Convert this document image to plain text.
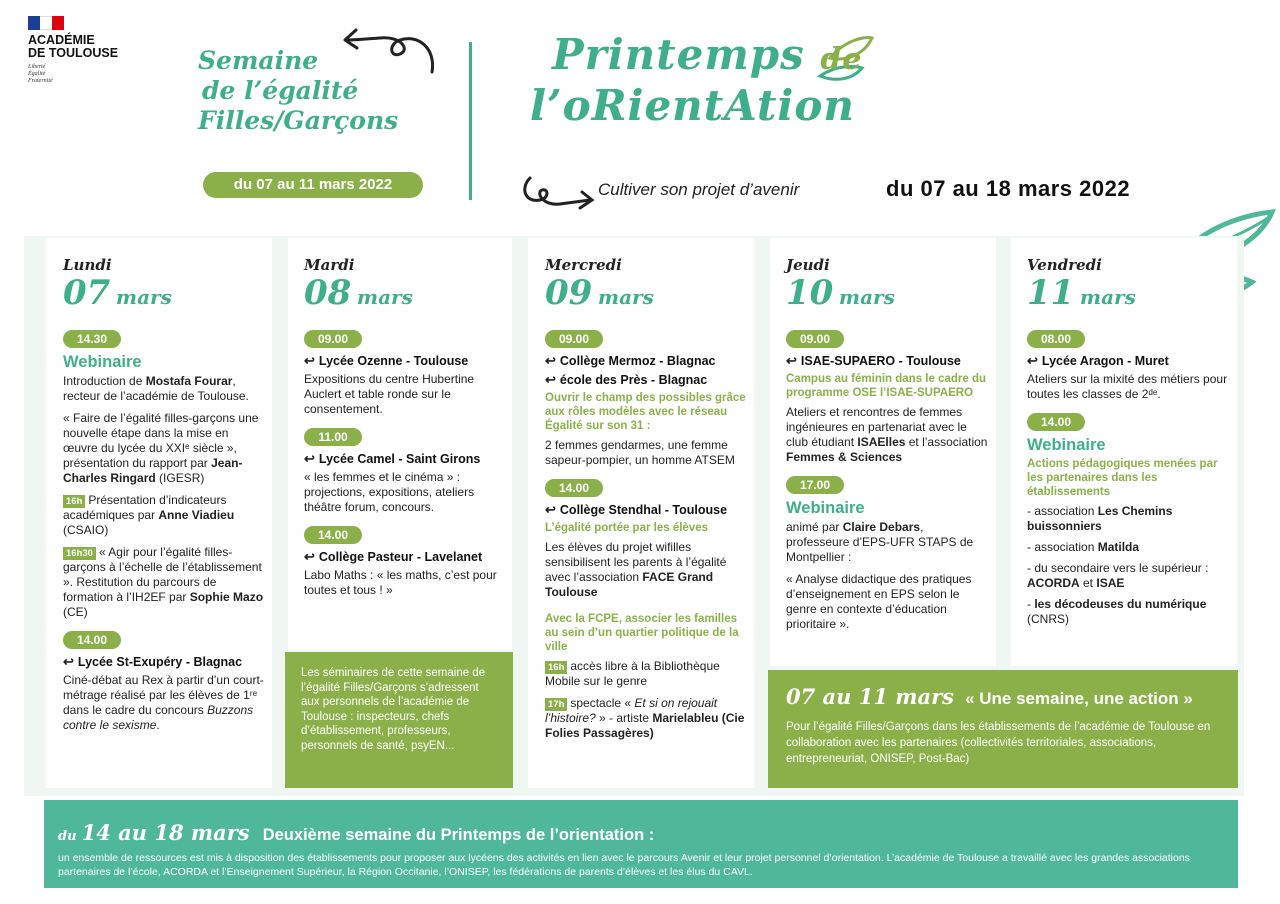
ACADÉMIE
DE TOULOUSE
Liberté
Égalité
Fraternité
Semaine
de l’égalité
Filles/Garçons
du 07 au 11 mars 2022
Printemps de
l’oRientAtion
Cultiver son projet d’avenir	du 07 au 18 mars 2022
Lundi
07 mars
14.30
Webinaire

Introduction de Mostafa Fourar, recteur de l’académie de Toulouse.

« Faire de l’égalité filles-garçons une nouvelle étape dans la mise en œuvre du lycée du XXIᵉ siècle », présentation du rapport par Jean-Charles Ringard (IGESR)

16h Présentation d’indicateurs académiques par Anne Viadieu (CSAIO)

16h30 « Agir pour l’égalité filles-garçons à l’échelle de l’établissement ». Restitution du parcours de formation à l’IH2EF par Sophie Mazo (CE)

14.00
↩ Lycée St-Exupéry - Blagnac

Ciné-débat au Rex à partir d’un court-métrage réalisé par les élèves de 1ʳᵉ dans le cadre du concours Buzzons contre le sexisme.

Mardi
08 mars
09.00
↩ Lycée Ozenne - Toulouse

Expositions du centre Hubertine Auclert et table ronde sur le consentement.

11.00
↩ Lycée Camel - Saint Girons

« les femmes et le cinéma » : projections, expositions, ateliers théâtre forum, concours.

14.00
↩ Collège Pasteur - Lavelanet

Labo Maths : « les maths, c’est pour toutes et tous ! »

Les séminaires de cette semaine de l’égalité Filles/Garçons s’adressent aux personnels de l’académie de Toulouse : inspecteurs, chefs d’établissement, professeurs, personnels de santé, psyEN...

Mercredi
09 mars
09.00
↩ Collège Mermoz - Blagnac
↩ école des Près - Blagnac
Ouvrir le champ des possibles grâce aux rôles modèles avec le réseau Égalité sur son 31 :

2 femmes gendarmes, une femme sapeur-pompier, un homme ATSEM

14.00
↩ Collège Stendhal - Toulouse
L’égalité portée par les élèves

Les élèves du projet wifilles sensibilisent les parents à l’égalité avec l’association FACE Grand Toulouse

Avec la FCPE, associer les familles au sein d’un quartier politique de la ville

16h accès libre à la Bibliothèque Mobile sur le genre

17h spectacle « Et si on rejouait l’histoire? » - artiste Marielableu (Cie Folies Passagères)

Jeudi
10 mars
09.00
↩ ISAE-SUPAERO - Toulouse
Campus au féminin dans le cadre du programme OSE l’ISAE-SUPAERO

Ateliers et rencontres de femmes ingénieures en partenariat avec le club étudiant ISAElles et l’association Femmes & Sciences

17.00
Webinaire

animé par Claire Debars, professeure d’EPS-UFR STAPS de Montpellier :

« Analyse didactique des pratiques d’enseignement en EPS selon le genre en contexte d’éducation prioritaire ».

Vendredi
11 mars
08.00
↩ Lycée Aragon - Muret

Ateliers sur la mixité des métiers pour toutes les classes de 2ᵈᵉ.

14.00
Webinaire
Actions pédagogiques menées par les partenaires dans les établissements
- association Les Chemins buissonniers
- association Matilda
- du secondaire vers le supérieur : ACORDA et ISAE
- les décodeuses du numérique (CNRS)
07 au 11 mars « Une semaine, une action »

Pour l’égalité Filles/Garçons dans les établissements de l’académie de Toulouse en collaboration avec les partenaires (collectivités territoriales, associations, entrepreneuriat, ONISEP, Post-Bac)

du 14 au 18 mars Deuxième semaine du Printemps de l’orientation :

un ensemble de ressources est mis à disposition des établissements pour proposer aux lycéens des activités en lien avec le parcours Avenir et leur projet personnel d’orientation. L’académie de Toulouse a travaillé avec les grandes associations partenaires de l’école, ACORDA et l’Enseignement Supérieur, la Région Occitanie, l’ONISEP, les fédérations de parents d’élèves et les élus du CAVL.
